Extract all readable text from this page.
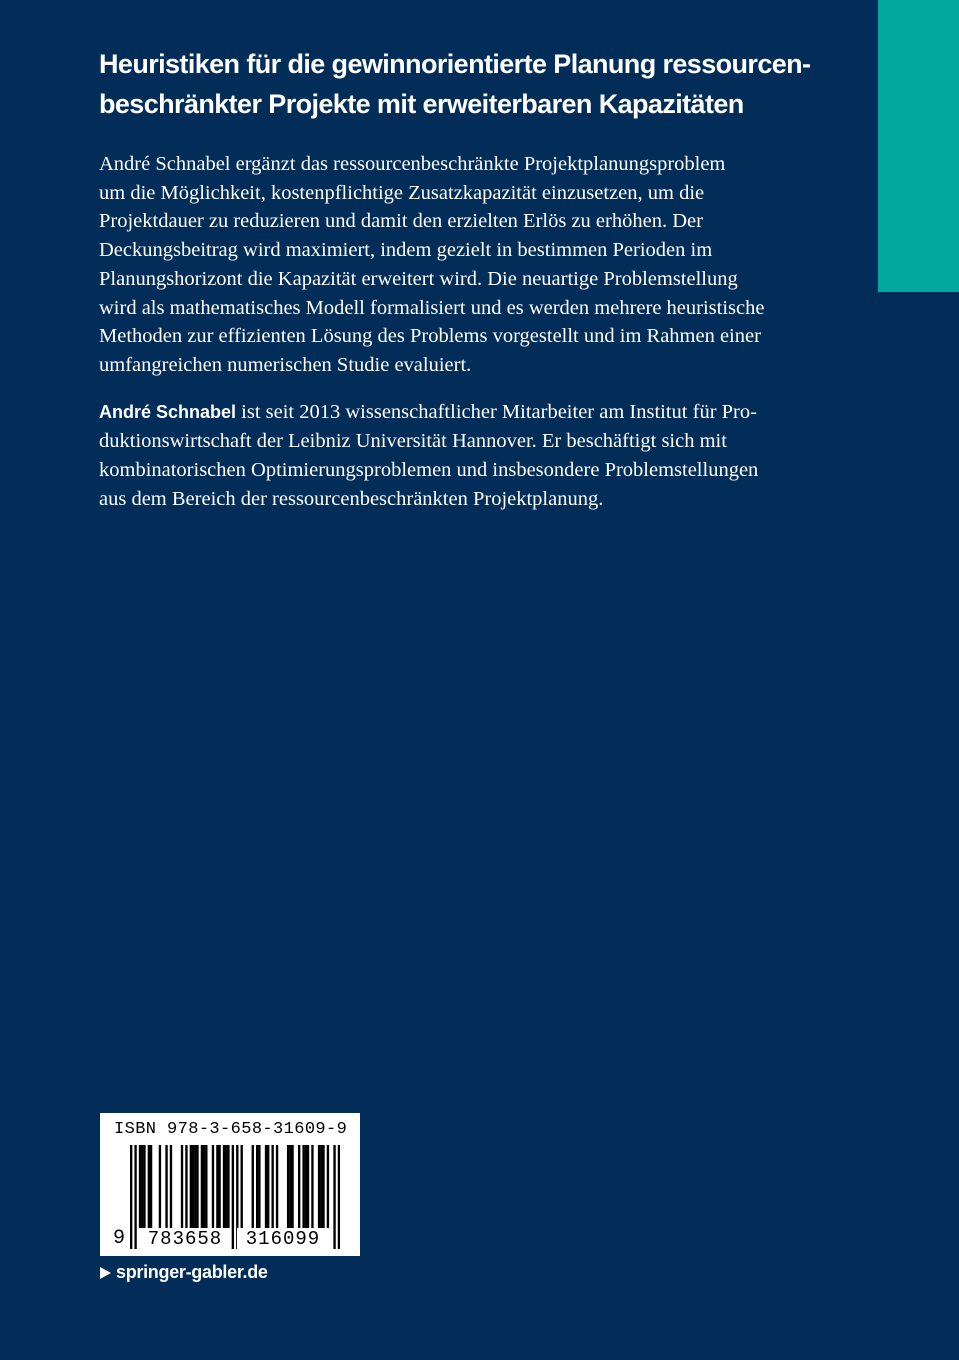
Heuristiken für die gewinnorientierte Planung ressourcen-
beschränkter Projekte mit erweiterbaren Kapazitäten
André Schnabel ergänzt das ressourcenbeschränkte Projektplanungsproblem
um die Möglichkeit, kostenpflichtige Zusatzkapazität einzusetzen, um die
Projektdauer zu reduzieren und damit den erzielten Erlös zu erhöhen. Der
Deckungsbeitrag wird maximiert, indem gezielt in bestimmen Perioden im
Planungshorizont die Kapazität erweitert wird. Die neuartige Problemstellung
wird als mathematisches Modell formalisiert und es werden mehrere heuristische
Methoden zur effizienten Lösung des Problems vorgestellt und im Rahmen einer
umfangreichen numerischen Studie evaluiert.
André Schnabel ist seit 2013 wissenschaftlicher Mitarbeiter am Institut für Pro-
duktionswirtschaft der Leibniz Universität Hannover. Er beschäftigt sich mit
kombinatorischen Optimierungsproblemen und insbesondere Problemstellungen
aus dem Bereich der ressourcenbeschränkten Projektplanung.
ISBN 978-3-658-31609-9
9	783658	316099
springer-gabler.de
